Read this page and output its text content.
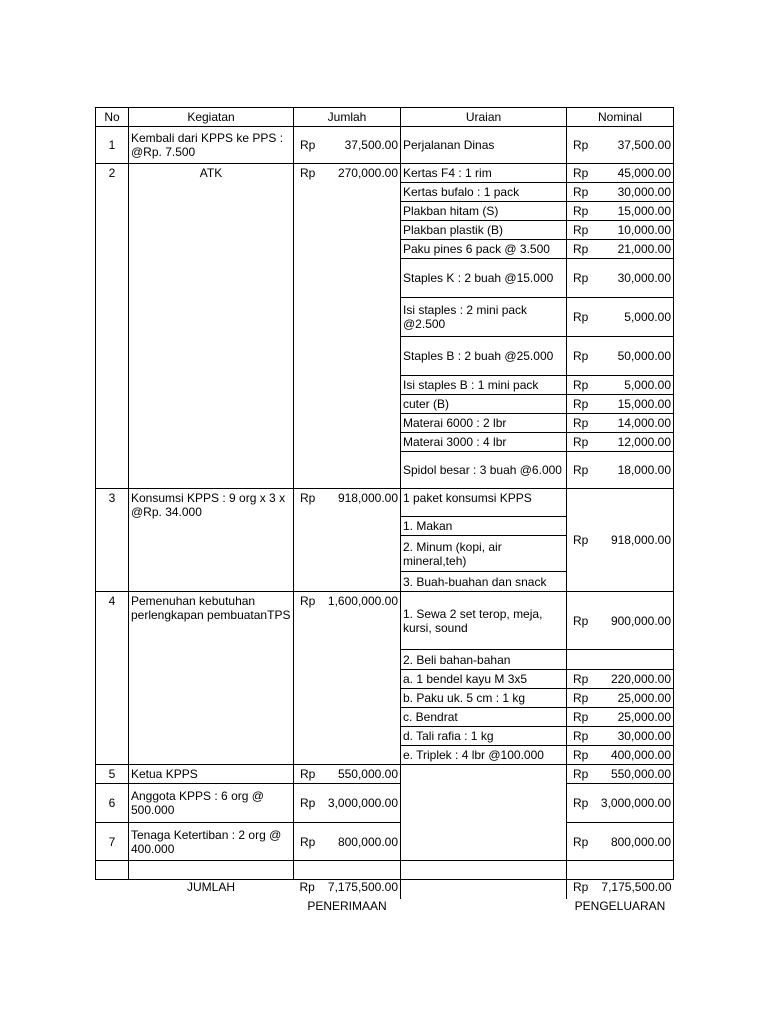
No	Kegiatan	Jumlah	Uraian	Nominal
1	Kembali dari KPPS ke PPS : @Rp. 7.500	Rp 37,500.00	Perjalanan Dinas	Rp 37,500.00

2	ATK	Rp 270,000.00	Kertas F4 : 1 rim	Rp 45,000.00

			Kertas bufalo : 1 pack	Rp 30,000.00

			Plakban hitam (S)	Rp 15,000.00

			Plakban plastik (B)	Rp 10,000.00

			Paku pines 6 pack @ 3.500	Rp 21,000.00

			Staples K : 2 buah @15.000	Rp 30,000.00

			Isi staples : 2 mini pack @2.500	Rp 5,000.00

			Staples B : 2 buah @25.000	Rp 50,000.00

			Isi staples B : 1 mini pack	Rp 5,000.00

			cuter (B)	Rp 15,000.00

			Materai 6000 : 2 lbr	Rp 14,000.00

			Materai 3000 : 4 lbr	Rp 12,000.00

			Spidol besar : 3 buah @6.000	Rp 18,000.00

3	Konsumsi KPPS : 9 org x 3 x @Rp. 34.000	Rp 918,000.00	1 paket konsumsi KPPS	Rp 918,000.00

			1. Makan	
			2. Minum (kopi, air mineral,teh)	
			3. Buah-buahan dan snack	
4	Pemenuhan kebutuhan perlengkapan pembuatanTPS	Rp 1,600,000.00	1. Sewa 2 set terop, meja, kursi, sound	Rp 900,000.00

			2. Beli bahan-bahan	
			a. 1 bendel kayu M 3x5	Rp 220,000.00

			b. Paku uk. 5 cm : 1 kg	Rp 25,000.00

			c. Bendrat	Rp 25,000.00

			d. Tali rafia : 1 kg	Rp 30,000.00

			e. Triplek : 4 lbr @100.000	Rp 400,000.00

5	Ketua KPPS	Rp 550,000.00		Rp 550,000.00

6	Anggota KPPS : 6 org @ 500.000	Rp 3,000,000.00		Rp 3,000,000.00

7	Tenaga Ketertiban : 2 org @ 400.000	Rp 800,000.00		Rp 800,000.00

	JUMLAH	Rp 7,175,500.00		Rp 7,175,500.00

		PENERIMAAN		PENGELUARAN
